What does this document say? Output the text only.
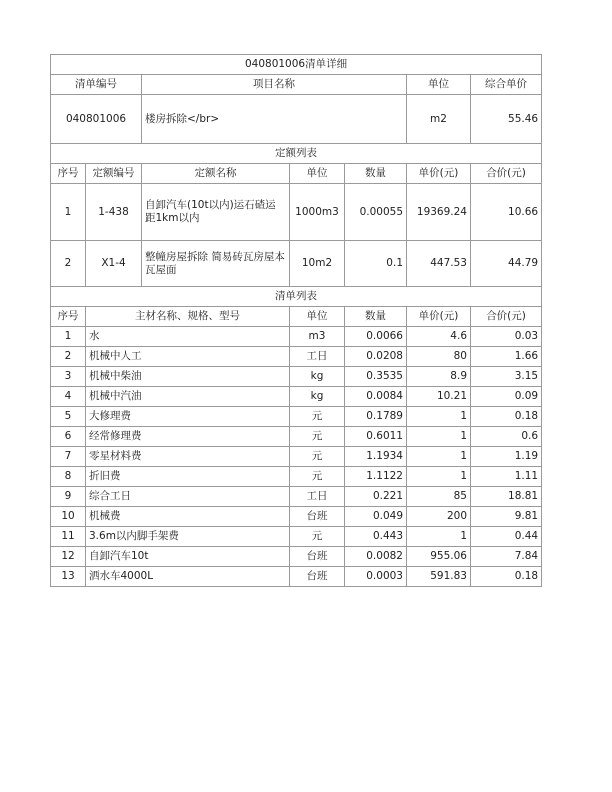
040801006清单详细						
清单编号		项目名称			单位	综合单价
040801006		楼房拆除</br>			m2	55.46
定额列表						
序号	定额编号	定额名称	单位	数量	单价(元)	合价(元)
1	1-438	自卸汽车(10t以内)运石碴运距1km以内	1000m3	0.00055	19369.24	10.66
2	X1-4	整幢房屋拆除 简易砖瓦房屋本瓦屋面	10m2	0.1	447.53	44.79
清单列表						
序号	主材名称、规格、型号		单位	数量	单价(元)	合价(元)
1	水		m3	0.0066	4.6	0.03
2	机械中人工		工日	0.0208	80	1.66
3	机械中柴油		kg	0.3535	8.9	3.15
4	机械中汽油		kg	0.0084	10.21	0.09
5	大修理费		元	0.1789	1	0.18
6	经常修理费		元	0.6011	1	0.6
7	零星材料费		元	1.1934	1	1.19
8	折旧费		元	1.1122	1	1.11
9	综合工日		工日	0.221	85	18.81
10	机械费		台班	0.049	200	9.81
11	3.6m以内脚手架费		元	0.443	1	0.44
12	自卸汽车10t		台班	0.0082	955.06	7.84
13	洒水车4000L		台班	0.0003	591.83	0.18
